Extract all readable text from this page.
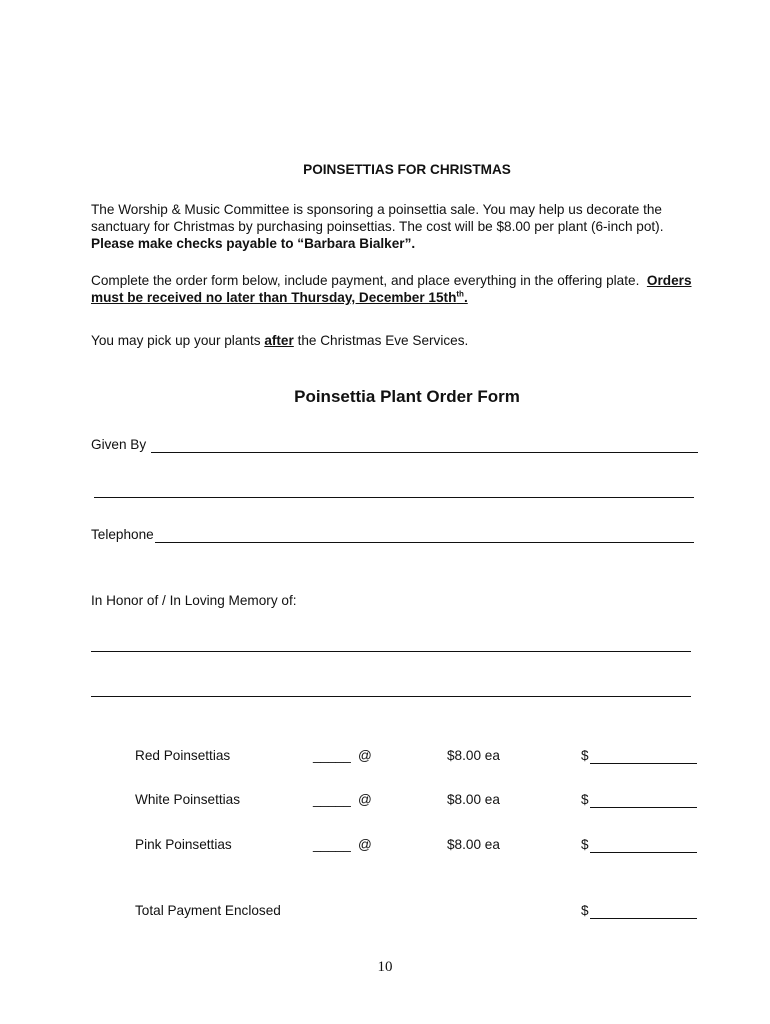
POINSETTIAS FOR CHRISTMAS
The Worship & Music Committee is sponsoring a poinsettia sale. You may help us decorate the sanctuary for Christmas by purchasing poinsettias. The cost will be $8.00 per plant (6-inch pot).
Please make checks payable to “Barbara Bialker”.
Complete the order form below, include payment, and place everything in the offering plate. Orders must be received no later than Thursday, December $15th^{th}$.
You may pick up your plants after the Christmas Eve Services.
Poinsettia Plant Order Form
Given By
Telephone
In Honor of / In Loving Memory of:
Red Poinsettias	_____ @	$8.00 ea	$
White Poinsettias	_____ @	$8.00 ea	$
Pink Poinsettias	_____ @	$8.00 ea	$
Total Payment Enclosed	$
10
